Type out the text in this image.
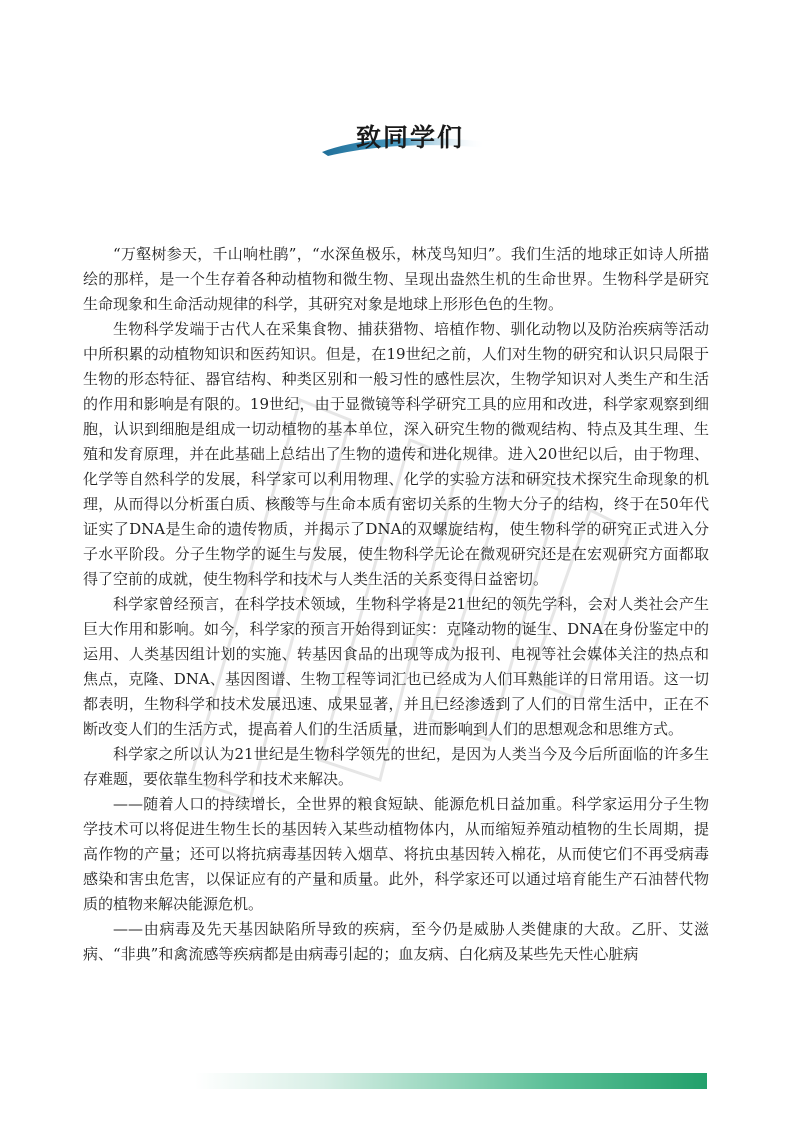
致同学们

“万壑树参天，千山响杜鹃”，“水深鱼极乐，林茂鸟知归”。我们生活的地球正如诗人所描绘的那样，是一个生存着各种动植物和微生物、呈现出盎然生机的生命世界。生物科学是研究生命现象和生命活动规律的科学，其研究对象是地球上形形色色的生物。

生物科学发端于古代人在采集食物、捕获猎物、培植作物、驯化动物以及防治疾病等活动中所积累的动植物知识和医药知识。但是，在19世纪之前，人们对生物的研究和认识只局限于生物的形态特征、器官结构、种类区别和一般习性的感性层次，生物学知识对人类生产和生活的作用和影响是有限的。19世纪，由于显微镜等科学研究工具的应用和改进，科学家观察到细胞，认识到细胞是组成一切动植物的基本单位，深入研究生物的微观结构、特点及其生理、生殖和发育原理，并在此基础上总结出了生物的遗传和进化规律。进入20世纪以后，由于物理、化学等自然科学的发展，科学家可以利用物理、化学的实验方法和研究技术探究生命现象的机理，从而得以分析蛋白质、核酸等与生命本质有密切关系的生物大分子的结构，终于在50年代证实了DNA是生命的遗传物质，并揭示了DNA的双螺旋结构，使生物科学的研究正式进入分子水平阶段。分子生物学的诞生与发展，使生物科学无论在微观研究还是在宏观研究方面都取得了空前的成就，使生物科学和技术与人类生活的关系变得日益密切。

科学家曾经预言，在科学技术领域，生物科学将是21世纪的领先学科，会对人类社会产生巨大作用和影响。如今，科学家的预言开始得到证实：克隆动物的诞生、DNA在身份鉴定中的运用、人类基因组计划的实施、转基因食品的出现等成为报刊、电视等社会媒体关注的热点和焦点，克隆、DNA、基因图谱、生物工程等词汇也已经成为人们耳熟能详的日常用语。这一切都表明，生物科学和技术发展迅速、成果显著，并且已经渗透到了人们的日常生活中，正在不断改变人们的生活方式，提高着人们的生活质量，进而影响到人们的思想观念和思维方式。

科学家之所以认为21世纪是生物科学领先的世纪，是因为人类当今及今后所面临的许多生存难题，要依靠生物科学和技术来解决。

——随着人口的持续增长，全世界的粮食短缺、能源危机日益加重。科学家运用分子生物学技术可以将促进生物生长的基因转入某些动植物体内，从而缩短养殖动植物的生长周期，提高作物的产量；还可以将抗病毒基因转入烟草、将抗虫基因转入棉花，从而使它们不再受病毒感染和害虫危害，以保证应有的产量和质量。此外，科学家还可以通过培育能生产石油替代物质的植物来解决能源危机。

——由病毒及先天基因缺陷所导致的疾病，至今仍是威胁人类健康的大敌。乙肝、艾滋病、“非典”和禽流感等疾病都是由病毒引起的；血友病、白化病及某些先天性心脏病
